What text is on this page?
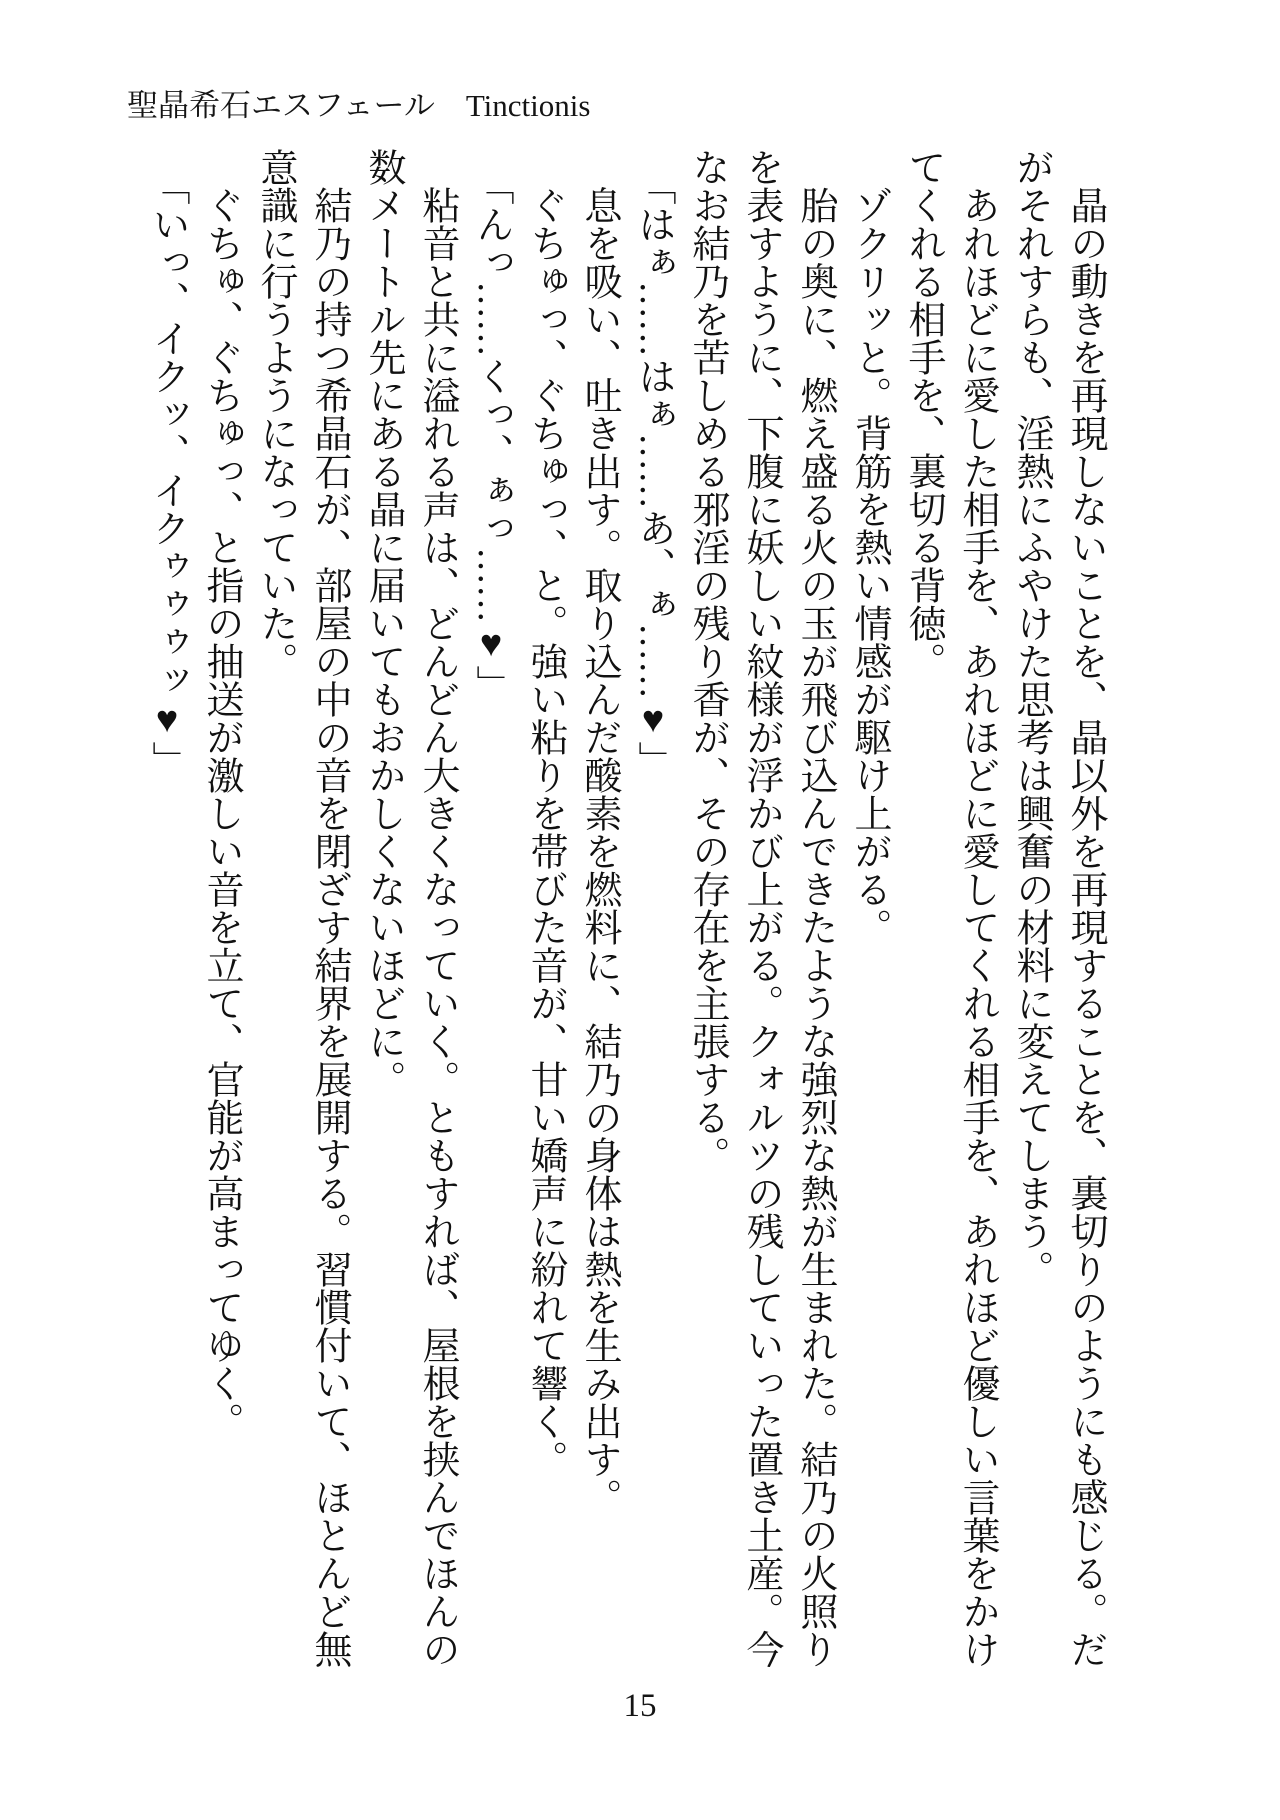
聖晶希石エスフェール　Tinctionis

晶の動きを再現しないことを、晶以外を再現することを、裏切りのようにも感じる。だ

がそれすらも、淫熱にふやけた思考は興奮の材料に変えてしまう。

あれほどに愛した相手を、あれほどに愛してくれる相手を、あれほど優しい言葉をかけ

てくれる相手を、裏切る背徳。

ゾクリッと。背筋を熱い情感が駆け上がる。

胎の奥に、燃え盛る火の玉が飛び込んできたような強烈な熱が生まれた。結乃の火照り

を表すように、下腹に妖しい紋様が浮かび上がる。クォルツの残していった置き土産。今

なお結乃を苦しめる邪淫の残り香が、その存在を主張する。

「はぁ……はぁ……あ、ぁ……♥」

息を吸い、吐き出す。取り込んだ酸素を燃料に、結乃の身体は熱を生み出す。

ぐちゅっ、ぐちゅっ、と。強い粘りを帯びた音が、甘い嬌声に紛れて響く。

「んっ……くっ、ぁっ……♥」

粘音と共に溢れる声は、どんどん大きくなっていく。ともすれば、屋根を挟んでほんの

数メートル先にある晶に届いてもおかしくないほどに。

結乃の持つ希晶石が、部屋の中の音を閉ざす結界を展開する。習慣付いて、ほとんど無

意識に行うようになっていた。

ぐちゅ、ぐちゅっ、と指の抽送が激しい音を立て、官能が高まってゆく。

「いっ、イクッ、イクゥゥゥッ♥」

15
